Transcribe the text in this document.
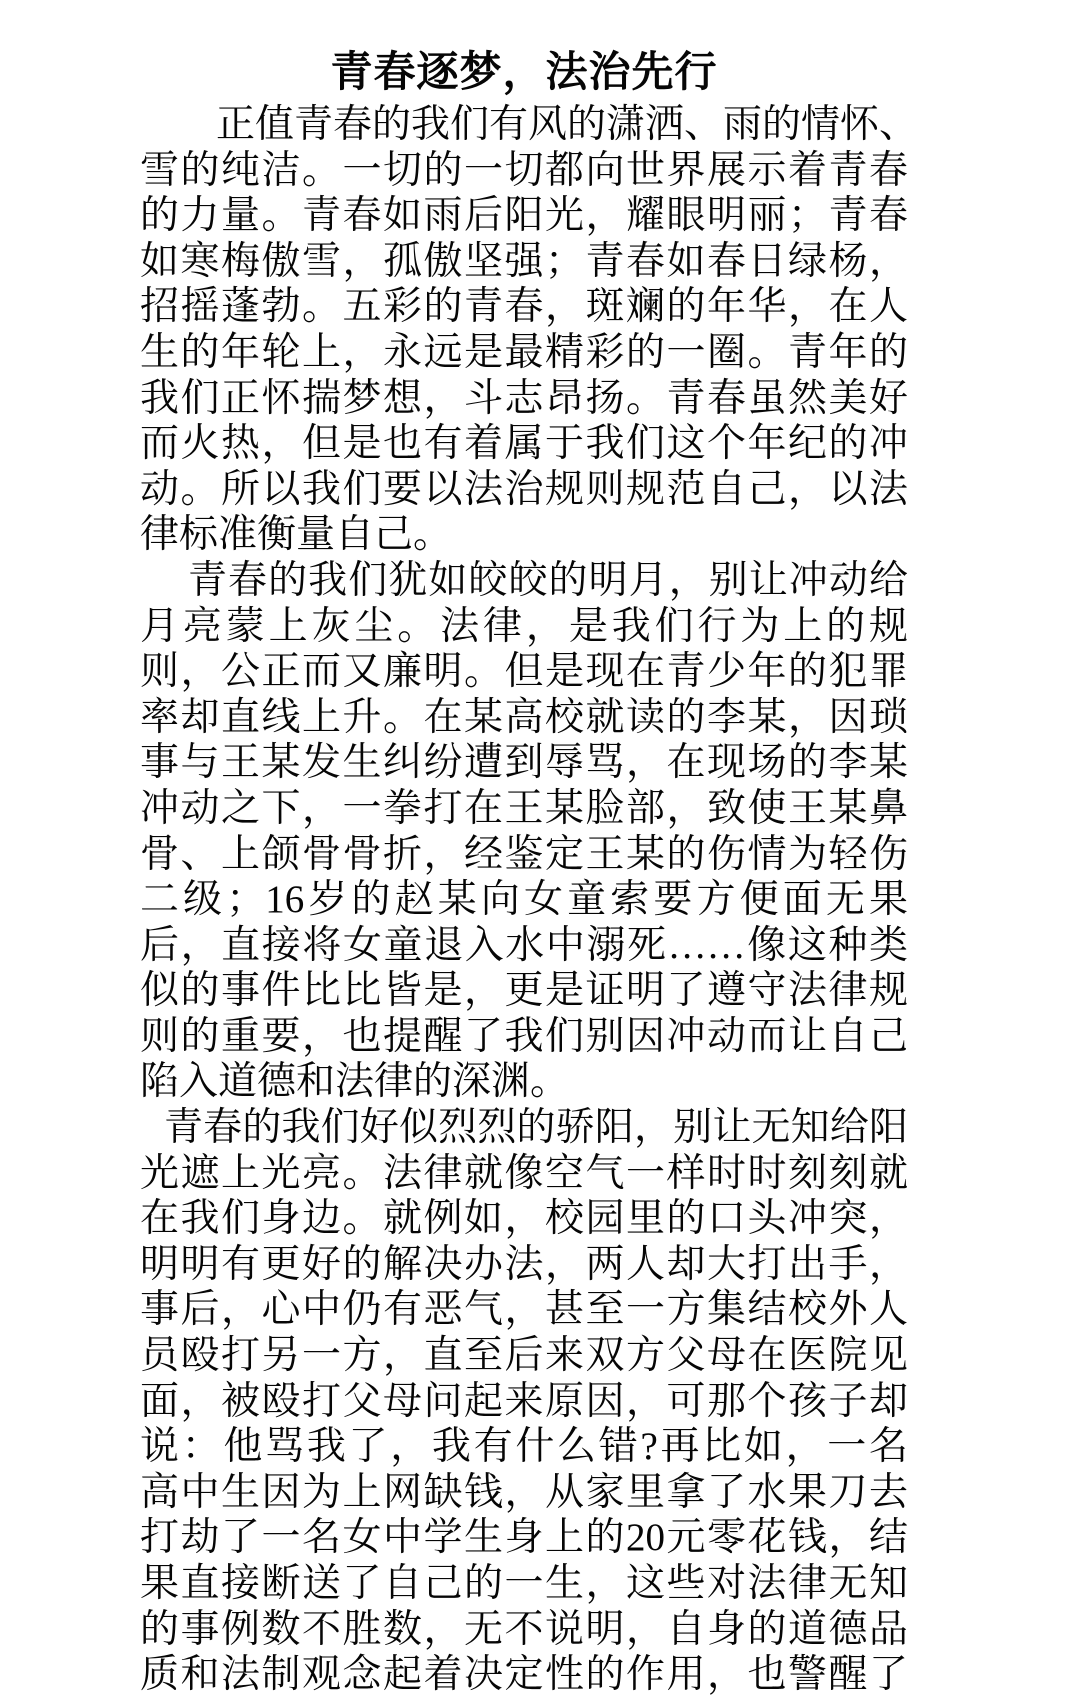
青春逐梦，法治先行
正值青春的我们有风的潇洒、雨的情怀、
雪的纯洁。一切的一切都向世界展示着青春
的力量。青春如雨后阳光，耀眼明丽；青春
如寒梅傲雪，孤傲坚强；青春如春日绿杨，
招摇蓬勃。五彩的青春，斑斓的年华，在人
生的年轮上，永远是最精彩的一圈。青年的
我们正怀揣梦想，斗志昂扬。青春虽然美好
而火热，但是也有着属于我们这个年纪的冲
动。所以我们要以法治规则规范自己，以法
律标准衡量自己。
青春的我们犹如皎皎的明月，别让冲动给
月亮蒙上灰尘。法律，是我们行为上的规
则，公正而又廉明。但是现在青少年的犯罪
率却直线上升。在某高校就读的李某，因琐
事与王某发生纠纷遭到辱骂，在现场的李某
冲动之下，一拳打在王某脸部，致使王某鼻
骨、上颌骨骨折，经鉴定王某的伤情为轻伤
二级；16岁的赵某向女童索要方便面无果
后，直接将女童退入水中溺死……像这种类
似的事件比比皆是，更是证明了遵守法律规
则的重要，也提醒了我们别因冲动而让自己
陷入道德和法律的深渊。
青春的我们好似烈烈的骄阳，别让无知给阳
光遮上光亮。法律就像空气一样时时刻刻就
在我们身边。就例如，校园里的口头冲突，
明明有更好的解决办法，两人却大打出手，
事后，心中仍有恶气，甚至一方集结校外人
员殴打另一方，直至后来双方父母在医院见
面，被殴打父母问起来原因，可那个孩子却
说：他骂我了，我有什么错?再比如，一名
高中生因为上网缺钱，从家里拿了水果刀去
打劫了一名女中学生身上的20元零花钱，结
果直接断送了自己的一生，这些对法律无知
的事例数不胜数，无不说明，自身的道德品
质和法制观念起着决定性的作用，也警醒了
